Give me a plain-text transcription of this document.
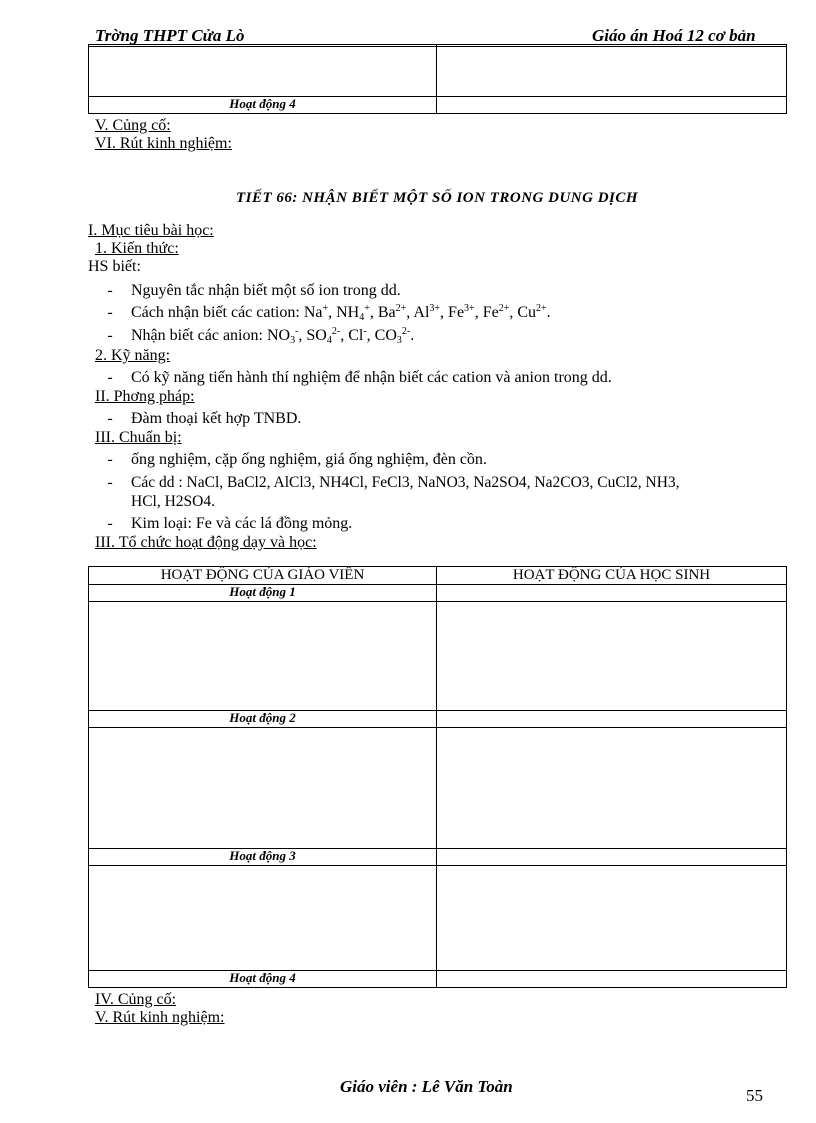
Trờng THPT Cửa Lò	Giáo án Hoá 12 cơ bản

Hoạt động 4	
V. Củng cố:
VI. Rút kinh nghiệm:
TIẾT 66: NHẬN BIẾT MỘT SỐ ION TRONG DUNG DỊCH
I. Mục tiêu bài học:
1. Kiến thức:
HS biết:
-	Nguyên tắc nhận biết một số ion trong dd.
-	Cách nhận biết các cation: Na+, $NH_4^+$, $Ba^{2+}$, $Al^{3+}$, $Fe^{3+}$, $Fe^{2+}$, $Cu^{2+}$.
-	Nhận biết các anion: $NO_3^-$, $SO_4^{2-}$, Cl-, $CO_3^{2-}$.
2. Kỹ năng:
-	Có kỹ năng tiến hành thí nghiệm để nhận biết các cation và anion trong dd.
II. Phơng pháp:
-	Đàm thoại kết hợp TNBD.
III. Chuẩn bị:
-	ống nghiệm, cặp ống nghiệm, giá ống nghiệm, đèn cồn.
-	Các dd : NaCl, BaCl2, AlCl3, NH4Cl, FeCl3, NaNO3, Na2SO4, Na2CO3, CuCl2, NH3,
HCl, H2SO4.
-	Kim loại: Fe và các lá đồng mỏng.
III. Tổ chức hoạt động dạy và học:
HOẠT ĐỘNG CỦA GIÁO VIÊN	HOẠT ĐỘNG CỦA HỌC SINH
Hoạt động 1	

Hoạt động 2	

Hoạt động 3	

Hoạt động 4	
IV. Củng cố:
V. Rút kinh nghiệm:
Giáo viên : Lê Văn Toàn	55
